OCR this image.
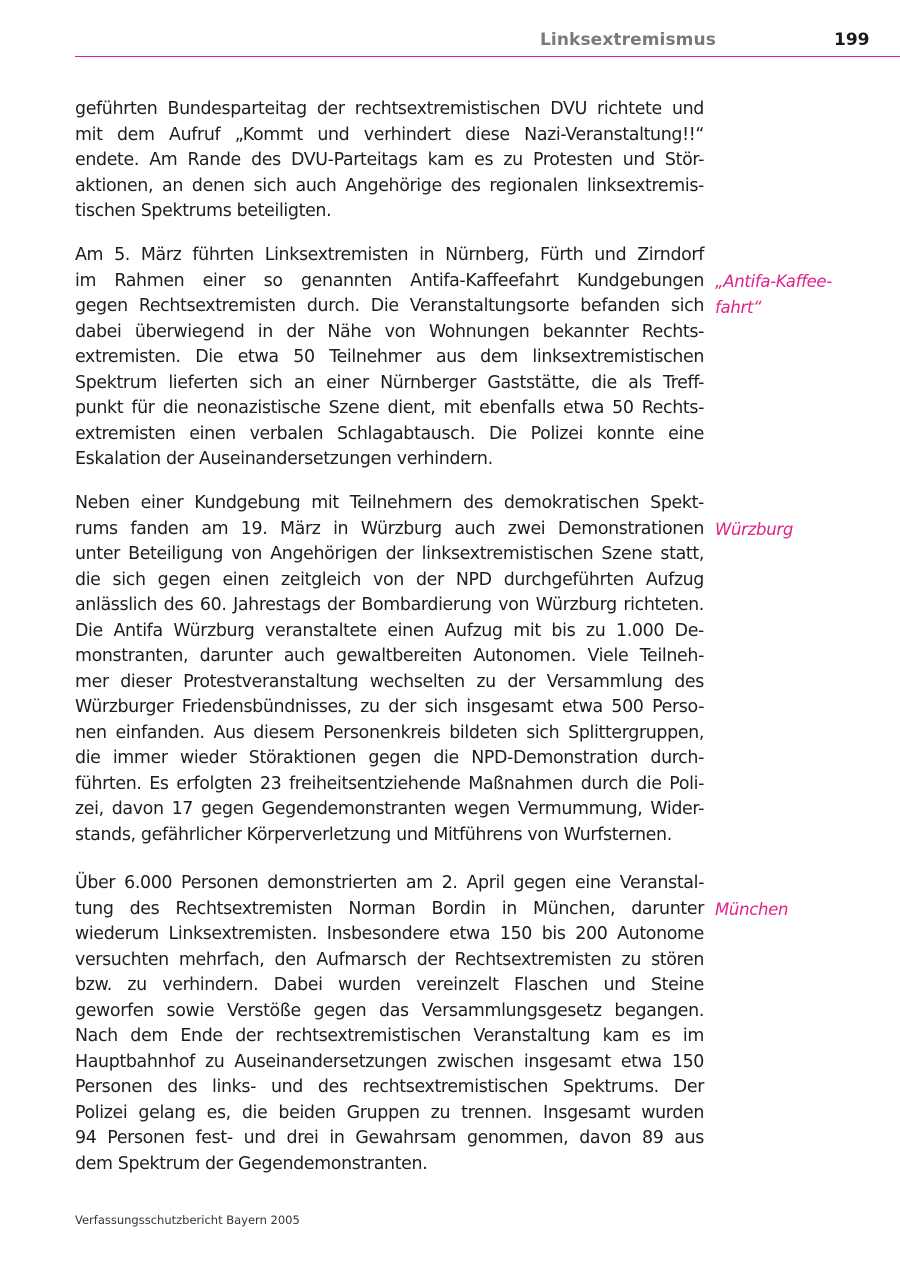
Linksextremismus	199
geführten Bundesparteitag der rechtsextremistischen DVU richtete und
mit dem Aufruf „Kommt und verhindert diese Nazi-Veranstaltung!!“
endete. Am Rande des DVU-Parteitags kam es zu Protesten und Stör-
aktionen, an denen sich auch Angehörige des regionalen linksextremis-
tischen Spektrums beteiligten.
Am 5. März führten Linksextremisten in Nürnberg, Fürth und Zirndorf
im Rahmen einer so genannten Antifa-Kaffeefahrt Kundgebungen
gegen Rechtsextremisten durch. Die Veranstaltungsorte befanden sich
dabei überwiegend in der Nähe von Wohnungen bekannter Rechts-
extremisten. Die etwa 50 Teilnehmer aus dem linksextremistischen
Spektrum lieferten sich an einer Nürnberger Gaststätte, die als Treff-
punkt für die neonazistische Szene dient, mit ebenfalls etwa 50 Rechts-
extremisten einen verbalen Schlagabtausch. Die Polizei konnte eine
Eskalation der Auseinandersetzungen verhindern.
Neben einer Kundgebung mit Teilnehmern des demokratischen Spekt-
rums fanden am 19. März in Würzburg auch zwei Demonstrationen
unter Beteiligung von Angehörigen der linksextremistischen Szene statt,
die sich gegen einen zeitgleich von der NPD durchgeführten Aufzug
anlässlich des 60. Jahrestags der Bombardierung von Würzburg richteten.
Die Antifa Würzburg veranstaltete einen Aufzug mit bis zu 1.000 De-
monstranten, darunter auch gewaltbereiten Autonomen. Viele Teilneh-
mer dieser Protestveranstaltung wechselten zu der Versammlung des
Würzburger Friedensbündnisses, zu der sich insgesamt etwa 500 Perso-
nen einfanden. Aus diesem Personenkreis bildeten sich Splittergruppen,
die immer wieder Störaktionen gegen die NPD-Demonstration durch-
führten. Es erfolgten 23 freiheitsentziehende Maßnahmen durch die Poli-
zei, davon 17 gegen Gegendemonstranten wegen Vermummung, Wider-
stands, gefährlicher Körperverletzung und Mitführens von Wurfsternen.
Über 6.000 Personen demonstrierten am 2. April gegen eine Veranstal-
tung des Rechtsextremisten Norman Bordin in München, darunter
wiederum Linksextremisten. Insbesondere etwa 150 bis 200 Autonome
versuchten mehrfach, den Aufmarsch der Rechtsextremisten zu stören
bzw. zu verhindern. Dabei wurden vereinzelt Flaschen und Steine
geworfen sowie Verstöße gegen das Versammlungsgesetz begangen.
Nach dem Ende der rechtsextremistischen Veranstaltung kam es im
Hauptbahnhof zu Auseinandersetzungen zwischen insgesamt etwa 150
Personen des links- und des rechtsextremistischen Spektrums. Der
Polizei gelang es, die beiden Gruppen zu trennen. Insgesamt wurden
94 Personen fest- und drei in Gewahrsam genommen, davon 89 aus
dem Spektrum der Gegendemonstranten.
„Antifa-Kaffee-
fahrt“
Würzburg
München
Verfassungsschutzbericht Bayern 2005
